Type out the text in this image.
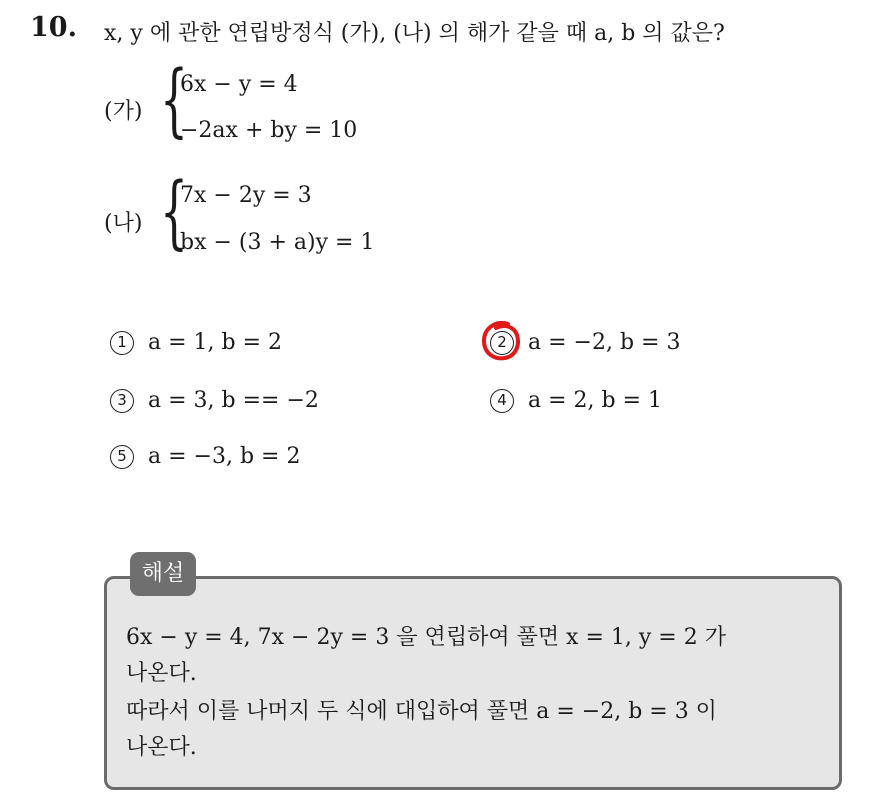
10. x, y 에 관한 연립방정식 (가), (나) 의 해가 같을 때 a, b 의 값은?
(가) {
6x − y = 4
−2ax + by = 10
(나) {
7x − 2y = 3
bx − (3 + a)y = 1
1 a = 1, b = 2	2 a = −2, b = 3
3 a = 3, b == −2	4 a = 2, b = 1
5 a = −3, b = 2
해설
6x − y = 4, 7x − 2y = 3 을 연립하여 풀면 x = 1, y = 2 가
나온다.
따라서 이를 나머지 두 식에 대입하여 풀면 a = −2, b = 3 이
나온다.
